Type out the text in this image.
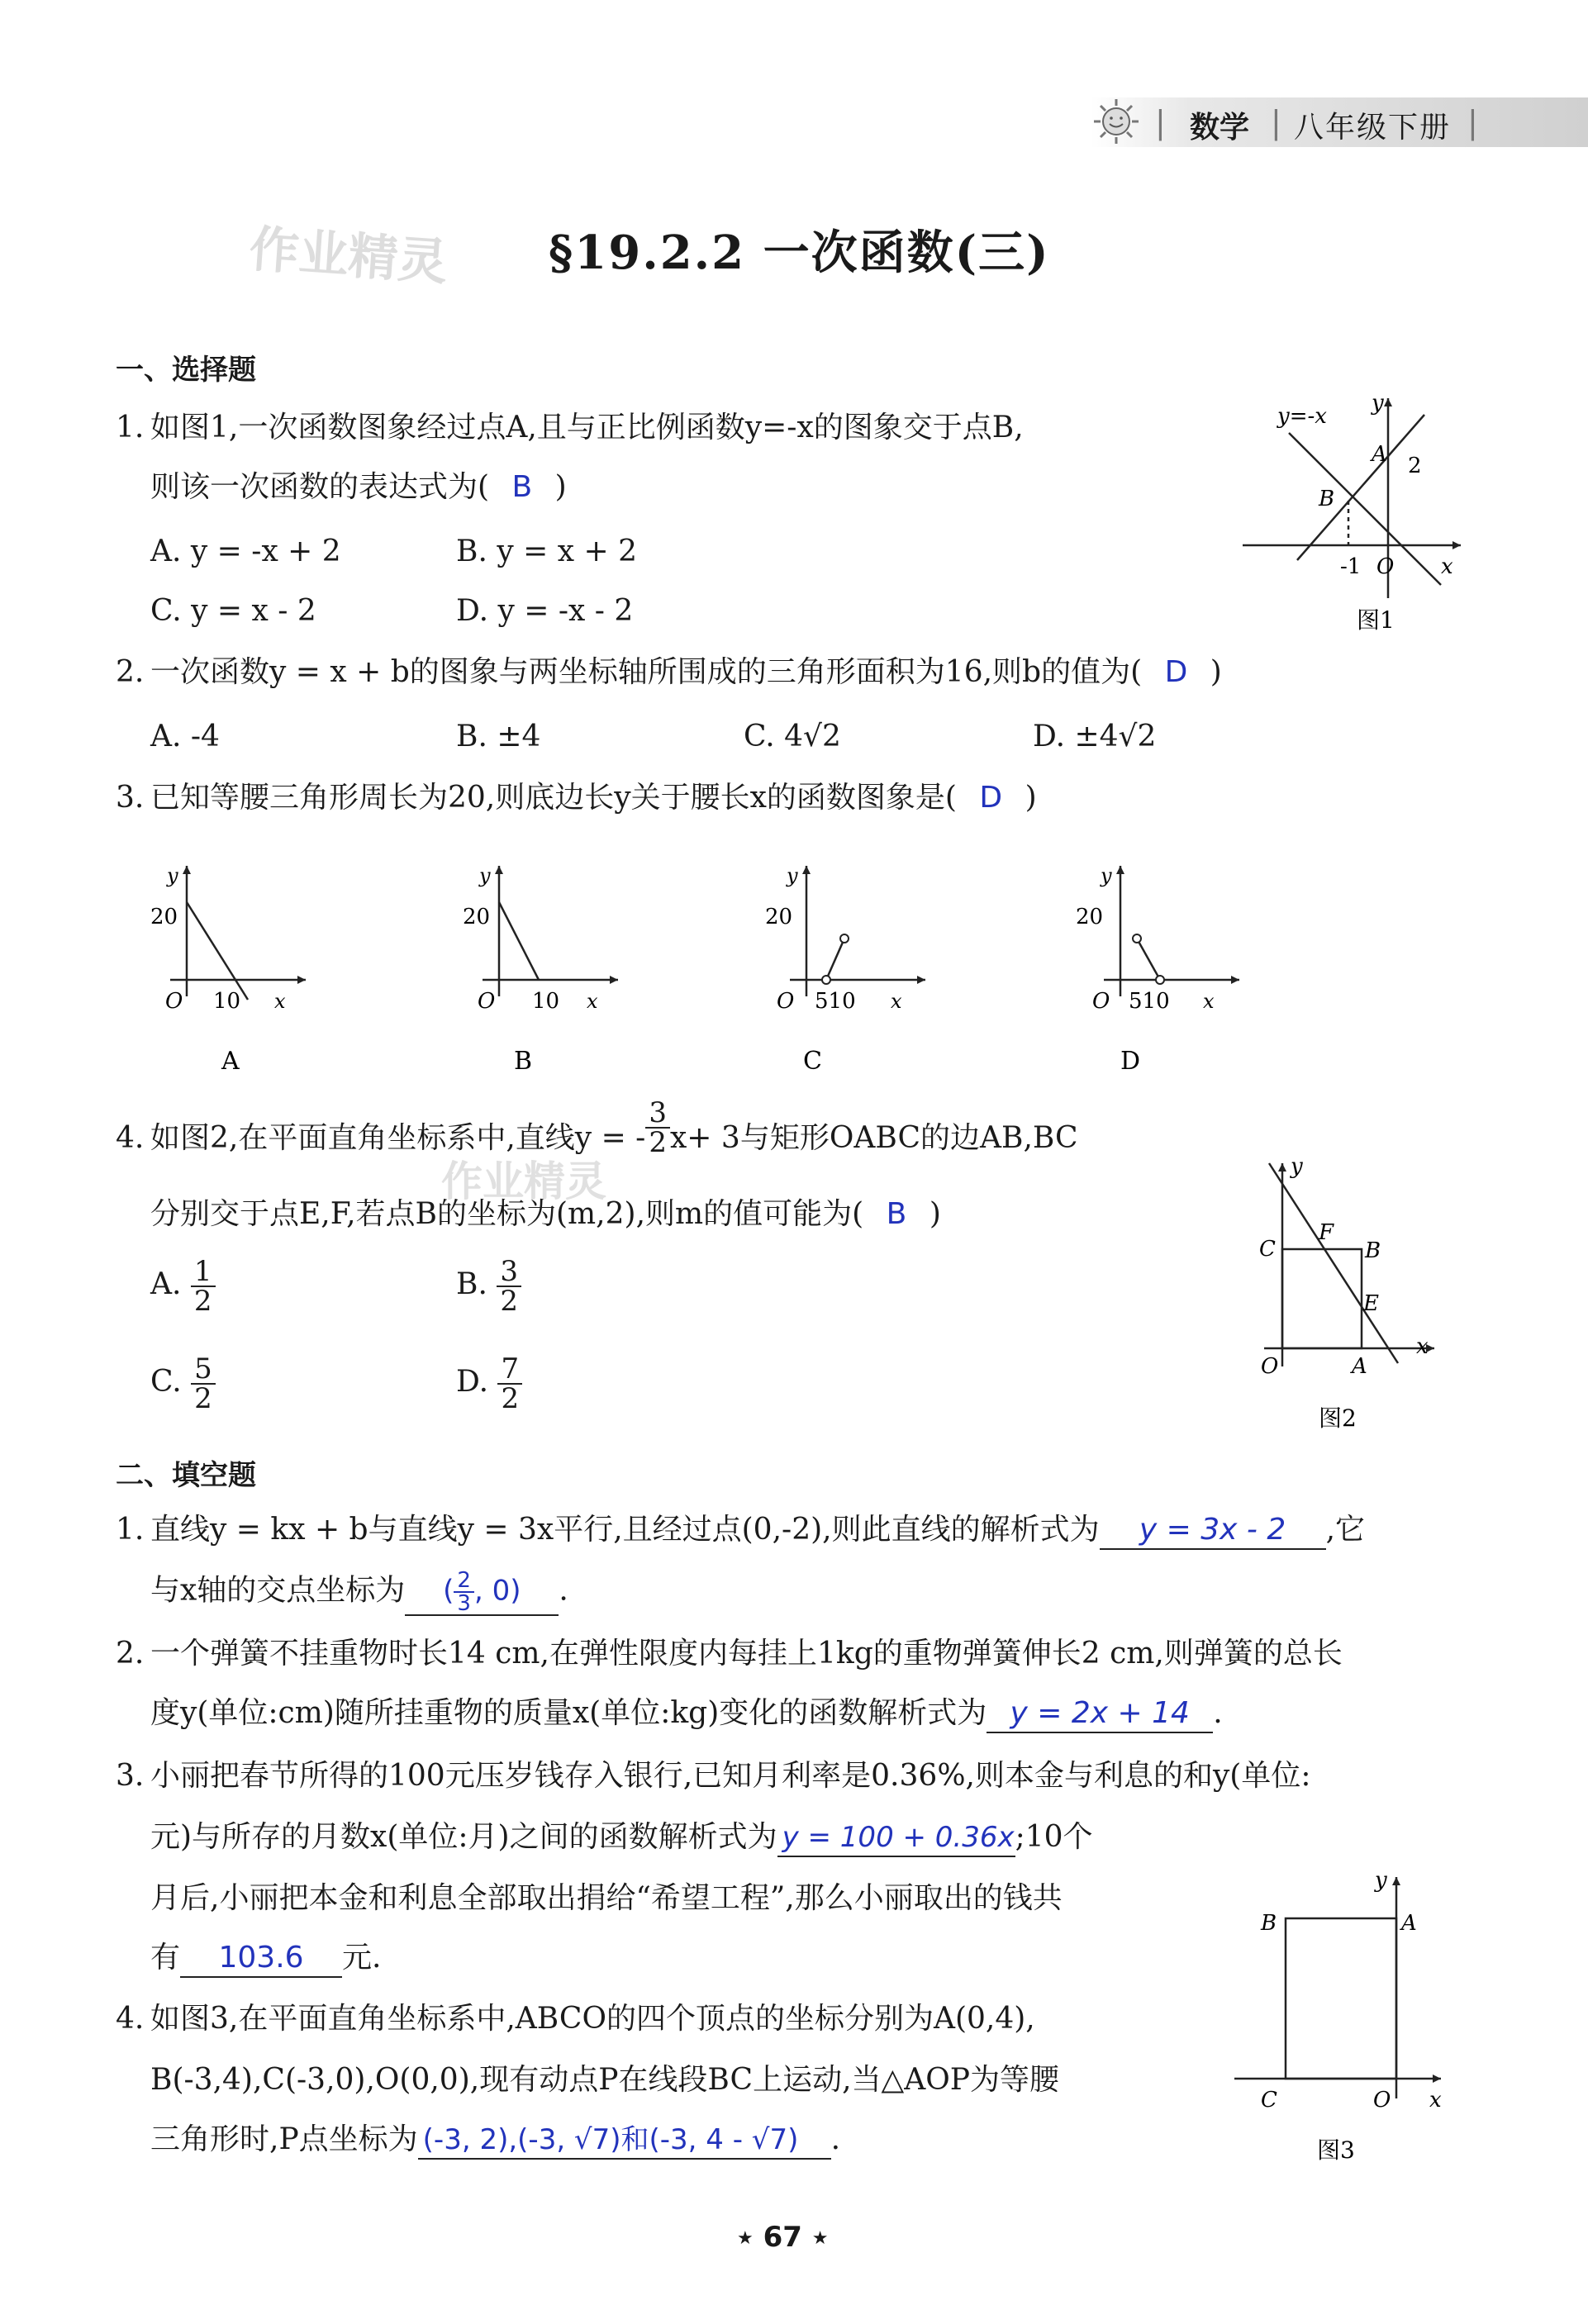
| 数学 | 八年级下册 |
作业精灵 §19.2.2 一次函数(三)
一、选择题
1. 如图1,一次函数图象经过点A,且与正比例函数y=-x的图象交于点B,
则该一次函数的表达式为( B )
A. y = -x + 2	B. y = x + 2
C. y = x - 2	D. y = -x - 2
y=-x
y
A 2
B
-1 O x
图1
2. 一次函数y = x + b的图象与两坐标轴所围成的三角形面积为16,则b的值为( D )
A. -4	B. ±4	C. 4√2	D. ±4√2
3. 已知等腰三角形周长为20,则底边长y关于腰长x的函数图象是( D )
y
20
O 10 x
A
y
20
O 10 x
B
y
20
O 510 x
C
y
20
O 510 x
D
作业精灵
4. 如图2,在平面直角坐标系中,直线y = - $\frac{3}{2} x+ 3$与矩形OABC的边AB,BC
分别交于点E,F,若点B的坐标为(m,2),则m的值可能为( B )
A. $\frac{1}{2}$	B. $\frac{3}{2}$
C. $\frac{5}{2}$	D. $\frac{7}{2}$
y
C
F
B
E
O	A
x
图2
二、填空题
1. 直线y = kx + b与直线y = 3x平行,且经过点(0,-2),则此直线的解析式为 y = 3x - 2 ,它
与x轴的交点坐标为 ( $\frac{2}{3}$ , 0) .
2. 一个弹簧不挂重物时长14 cm,在弹性限度内每挂上1kg的重物弹簧伸长2 cm,则弹簧的总长
度y(单位:cm)随所挂重物的质量x(单位:kg)变化的函数解析式为 y = 2x + 14 .
3. 小丽把春节所得的100元压岁钱存入银行,已知月利率是0.36%,则本金与利息的和y(单位:
元)与所存的月数x(单位:月)之间的函数解析式为 y = 100 + 0.36x;10个
月后,小丽把本金和利息全部取出捐给“希望工程”,那么小丽取出的钱共
有 103.6 元.
y
B	A
C	O x
图3
4. 如图3,在平面直角坐标系中,ABCO的四个顶点的坐标分别为A(0,4),
B(-3,4),C(-3,0),O(0,0),现有动点P在线段BC上运动,当△AOP为等腰
三角形时,P点坐标为 (-3, 2),(-3, √7)和(-3, 4 - √7) .
★ 67 ★
